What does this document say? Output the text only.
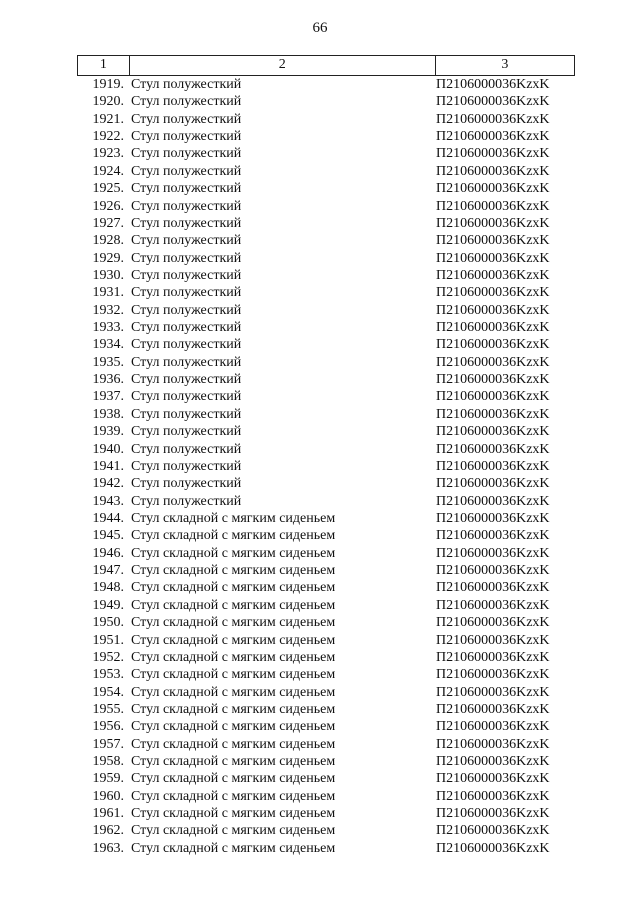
66
1	2	3
1919. Стул полужесткий	П2106000036KzxK
1920. Стул полужесткий	П2106000036KzxK
1921. Стул полужесткий	П2106000036KzxK
1922. Стул полужесткий	П2106000036KzxK
1923. Стул полужесткий	П2106000036KzxK
1924. Стул полужесткий	П2106000036KzxK
1925. Стул полужесткий	П2106000036KzxK
1926. Стул полужесткий	П2106000036KzxK
1927. Стул полужесткий	П2106000036KzxK
1928. Стул полужесткий	П2106000036KzxK
1929. Стул полужесткий	П2106000036KzxK
1930. Стул полужесткий	П2106000036KzxK
1931. Стул полужесткий	П2106000036KzxK
1932. Стул полужесткий	П2106000036KzxK
1933. Стул полужесткий	П2106000036KzxK
1934. Стул полужесткий	П2106000036KzxK
1935. Стул полужесткий	П2106000036KzxK
1936. Стул полужесткий	П2106000036KzxK
1937. Стул полужесткий	П2106000036KzxK
1938. Стул полужесткий	П2106000036KzxK
1939. Стул полужесткий	П2106000036KzxK
1940. Стул полужесткий	П2106000036KzxK
1941. Стул полужесткий	П2106000036KzxK
1942. Стул полужесткий	П2106000036KzxK
1943. Стул полужесткий	П2106000036KzxK
1944. Стул складной с мягким сиденьем	П2106000036KzxK
1945. Стул складной с мягким сиденьем	П2106000036KzxK
1946. Стул складной с мягким сиденьем	П2106000036KzxK
1947. Стул складной с мягким сиденьем	П2106000036KzxK
1948. Стул складной с мягким сиденьем	П2106000036KzxK
1949. Стул складной с мягким сиденьем	П2106000036KzxK
1950. Стул складной с мягким сиденьем	П2106000036KzxK
1951. Стул складной с мягким сиденьем	П2106000036KzxK
1952. Стул складной с мягким сиденьем	П2106000036KzxK
1953. Стул складной с мягким сиденьем	П2106000036KzxK
1954. Стул складной с мягким сиденьем	П2106000036KzxK
1955. Стул складной с мягким сиденьем	П2106000036KzxK
1956. Стул складной с мягким сиденьем	П2106000036KzxK
1957. Стул складной с мягким сиденьем	П2106000036KzxK
1958. Стул складной с мягким сиденьем	П2106000036KzxK
1959. Стул складной с мягким сиденьем	П2106000036KzxK
1960. Стул складной с мягким сиденьем	П2106000036KzxK
1961. Стул складной с мягким сиденьем	П2106000036KzxK
1962. Стул складной с мягким сиденьем	П2106000036KzxK
1963. Стул складной с мягким сиденьем	П2106000036KzxK
